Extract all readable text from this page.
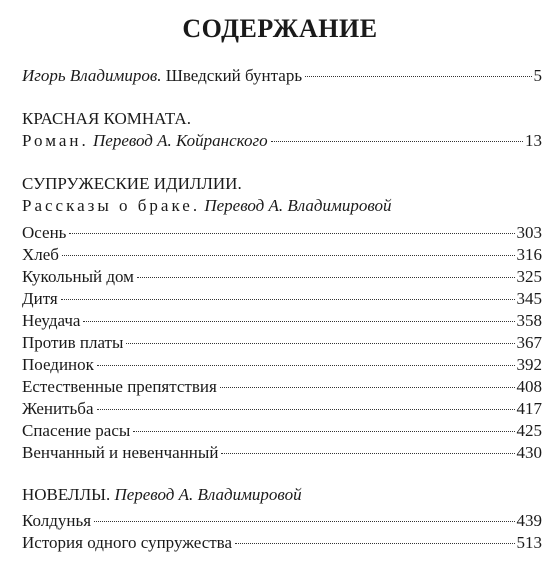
СОДЕРЖАНИЕ
Игорь Владимиров. Шведский бунтарь	5
КРАСНАЯ КОМНАТА.
Роман. Перевод А. Койранского	13
СУПРУЖЕСКИЕ ИДИЛЛИИ.
Рассказы о браке. Перевод А. Владимировой
Осень	303
Хлеб	316
Кукольный дом	325
Дитя	345
Неудача	358
Против платы	367
Поединок	392
Естественные препятствия	408
Женитьба	417
Спасение расы	425
Венчанный и невенчанный	430
НОВЕЛЛЫ. Перевод А. Владимировой
Колдунья	439
История одного супружества	513
